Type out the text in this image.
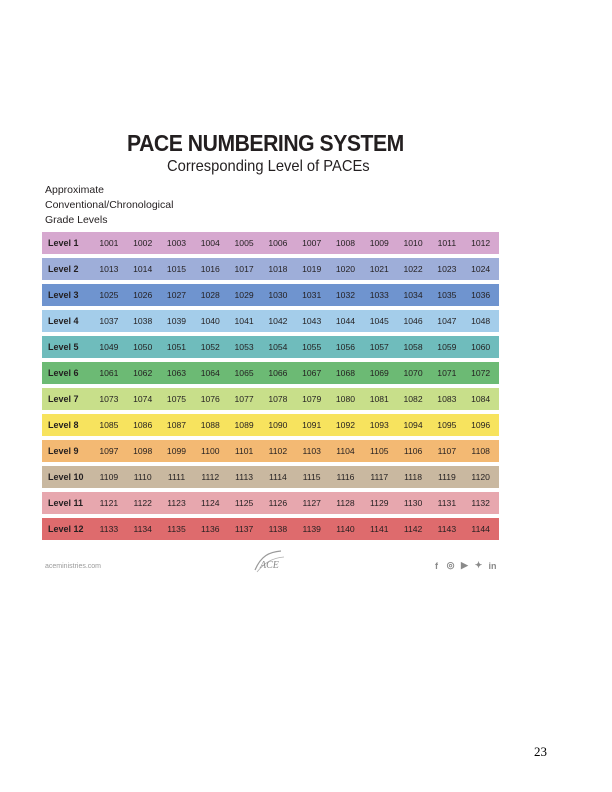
PACE NUMBERING SYSTEM
Corresponding Level of PACEs
Approximate
Conventional/Chronological
Grade Levels
Level 1	1001	1002	1003	1004	1005	1006	1007	1008	1009	1010	1011	1012
Level 2	1013	1014	1015	1016	1017	1018	1019	1020	1021	1022	1023	1024
Level 3	1025	1026	1027	1028	1029	1030	1031	1032	1033	1034	1035	1036
Level 4	1037	1038	1039	1040	1041	1042	1043	1044	1045	1046	1047	1048
Level 5	1049	1050	1051	1052	1053	1054	1055	1056	1057	1058	1059	1060
Level 6	1061	1062	1063	1064	1065	1066	1067	1068	1069	1070	1071	1072
Level 7	1073	1074	1075	1076	1077	1078	1079	1080	1081	1082	1083	1084
Level 8	1085	1086	1087	1088	1089	1090	1091	1092	1093	1094	1095	1096
Level 9	1097	1098	1099	1100	1101	1102	1103	1104	1105	1106	1107	1108
Level 10	1109	1110	1111	1112	1113	1114	1115	1116	1117	1118	1119	1120
Level 11	1121	1122	1123	1124	1125	1126	1127	1128	1129	1130	1131	1132
Level 12	1133	1134	1135	1136	1137	1138	1139	1140	1141	1142	1143	1144
aceministries.com	ACE	f ◎ ▶ ✦ in
23
